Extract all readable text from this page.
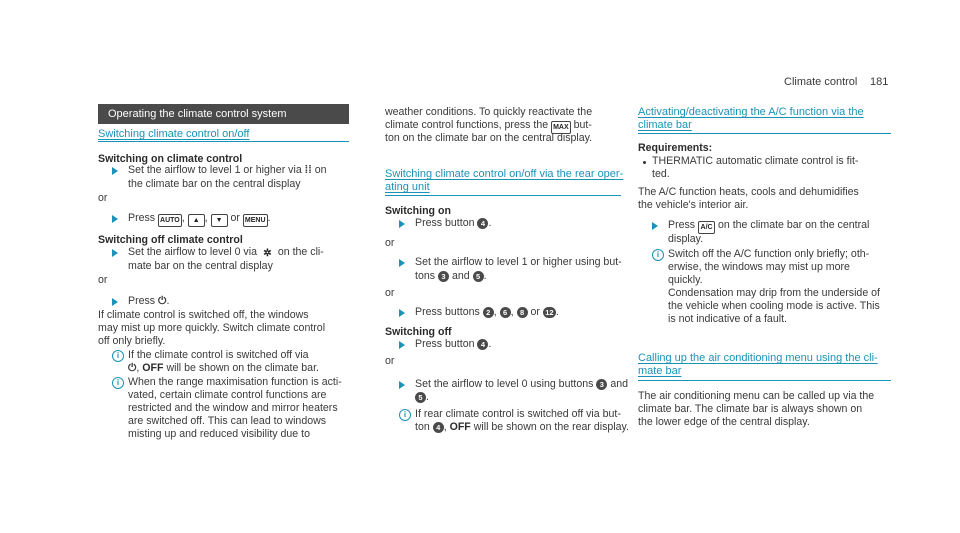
Climate control 181
Operating the climate control system
Switching climate control on/off
Switching on climate control
Set the airflow to level 1 or higher via ⁞⁞ on
the climate bar on the central display
or
Press AUTO , ▲ , ▼ or MENU .
Switching off climate control
Set the airflow to level 0 via ✲ on the cli-
mate bar on the central display
or
Press ⏻.
If climate control is switched off, the windows
may mist up more quickly. Switch climate control
off only briefly.
i If the climate control is switched off via
⏻, OFF will be shown on the climate bar.
i When the range maximisation function is acti-
vated, certain climate control functions are
restricted and the window and mirror heaters
are switched off. This can lead to windows
misting up and reduced visibility due to
weather conditions. To quickly reactivate the
climate control functions, press the MAX but-
ton on the climate bar on the central display.
Switching climate control on/off via the rear oper-
ating unit
Switching on
Press button 4 .
or
Set the airflow to level 1 or higher using but-
tons 3 and 5 .
or
Press buttons 2 , 6 , 8 or 12 .
Switching off
Press button 4 .
or
Set the airflow to level 0 using buttons 3 and
5 .
i If rear climate control is switched off via but-
ton 4 , OFF will be shown on the rear display.
Activating/deactivating the A/C function via the
climate bar
Requirements:
THERMATIC automatic climate control is fit-
ted.
The A/C function heats, cools and dehumidifies
the vehicle's interior air.
Press A/C on the climate bar on the central
display.
i Switch off the A/C function only briefly; oth-
erwise, the windows may mist up more
quickly.
Condensation may drip from the underside of
the vehicle when cooling mode is active. This
is not indicative of a fault.
Calling up the air conditioning menu using the cli-
mate bar
The air conditioning menu can be called up via the
climate bar. The climate bar is always shown on
the lower edge of the central display.
